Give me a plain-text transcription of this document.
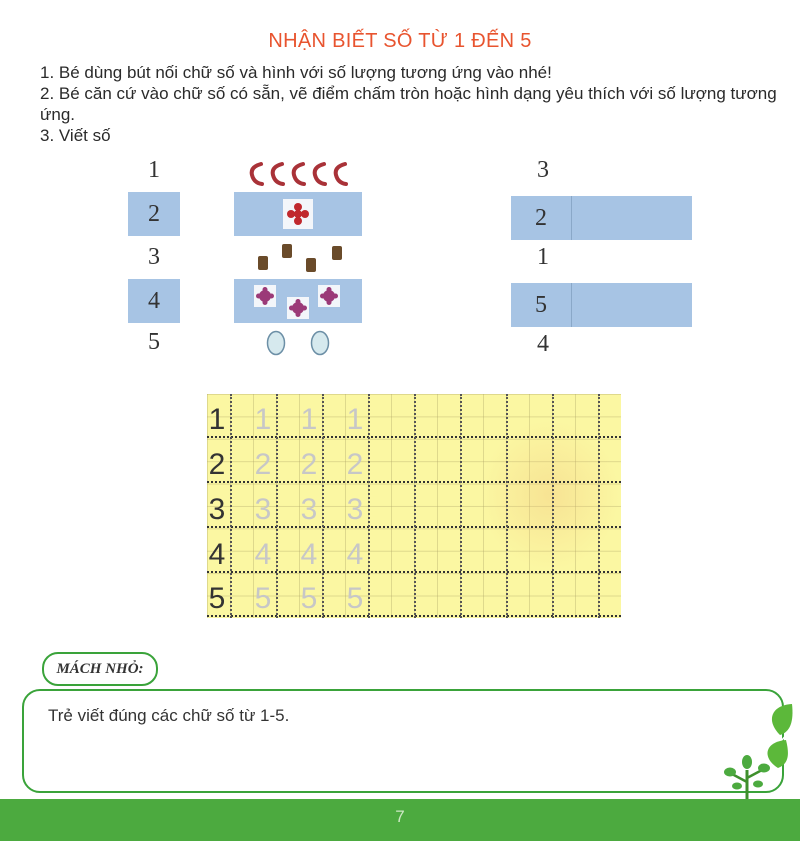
NHẬN BIẾT SỐ TỪ 1 ĐẾN 5

1. Bé dùng bút nối chữ số và hình với số lượng tương ứng vào nhé!

2. Bé căn cứ vào chữ số có sẵn, vẽ điểm chấm tròn hoặc hình dạng yêu thích với số lượng tương ứng.

3. Viết số

1
2
3
4
5
3
2
1
5
4
1 1 1 1
2 2 2 2
3 3 3 3
4 4 4 4
5 5 5 5
MÁCH NHỎ:
Trẻ viết đúng các chữ số từ 1-5.
7
